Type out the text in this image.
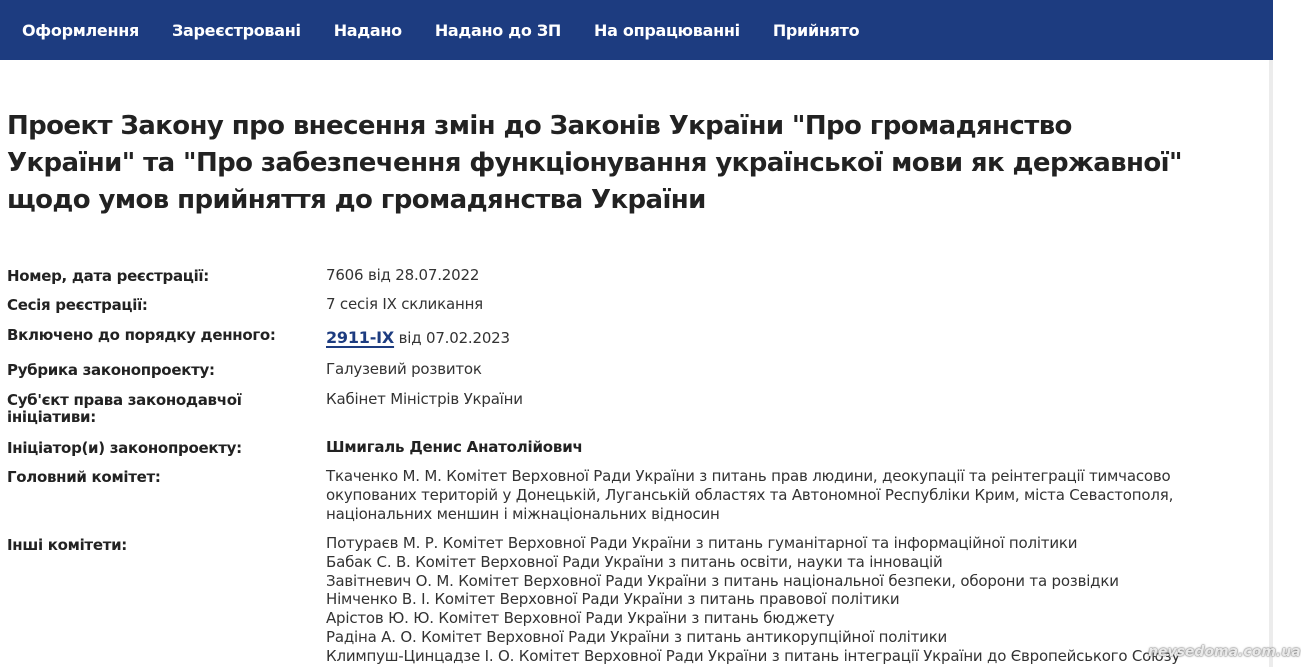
Оформлення Зареєстровані Надано Надано до ЗП На опрацюванні Прийнято
Проект Закону про внесення змін до Законів України "Про громадянство України" та "Про забезпечення функціонування української мови як державної" щодо умов прийняття до громадянства України
Номер, дата реєстрації:	7606 від 28.07.2022
Сесія реєстрації:	7 сесія IX скликання
Включено до порядку денного:	2911-IX від 07.02.2023
Рубрика законопроекту:	Галузевий розвиток
Суб'єкт права законодавчої ініціативи:
Кабінет Міністрів України
Ініціатор(и) законопроекту:	Шмигаль Денис Анатолійович
Головний комітет:	Ткаченко М. М. Комітет Верховної Ради України з питань прав людини, деокупації та реінтеграції тимчасово окупованих територій у Донецькій, Луганській областях та Автономної Республіки Крим, міста Севастополя, національних меншин і міжнаціональних відносин
Інші комітети:	Потураєв М. Р. Комітет Верховної Ради України з питань гуманітарної та інформаційної політики
Бабак С. В. Комітет Верховної Ради України з питань освіти, науки та інновацій
Завітневич О. М. Комітет Верховної Ради України з питань національної безпеки, оборони та розвідки
Німченко В. І. Комітет Верховної Ради України з питань правової політики
Арістов Ю. Ю. Комітет Верховної Ради України з питань бюджету
Радіна А. О. Комітет Верховної Ради України з питань антикорупційної політики
Климпуш-Цинцадзе І. О. Комітет Верховної Ради України з питань інтеграції України до Європейського Союзу
nevsedoma.com.ua
